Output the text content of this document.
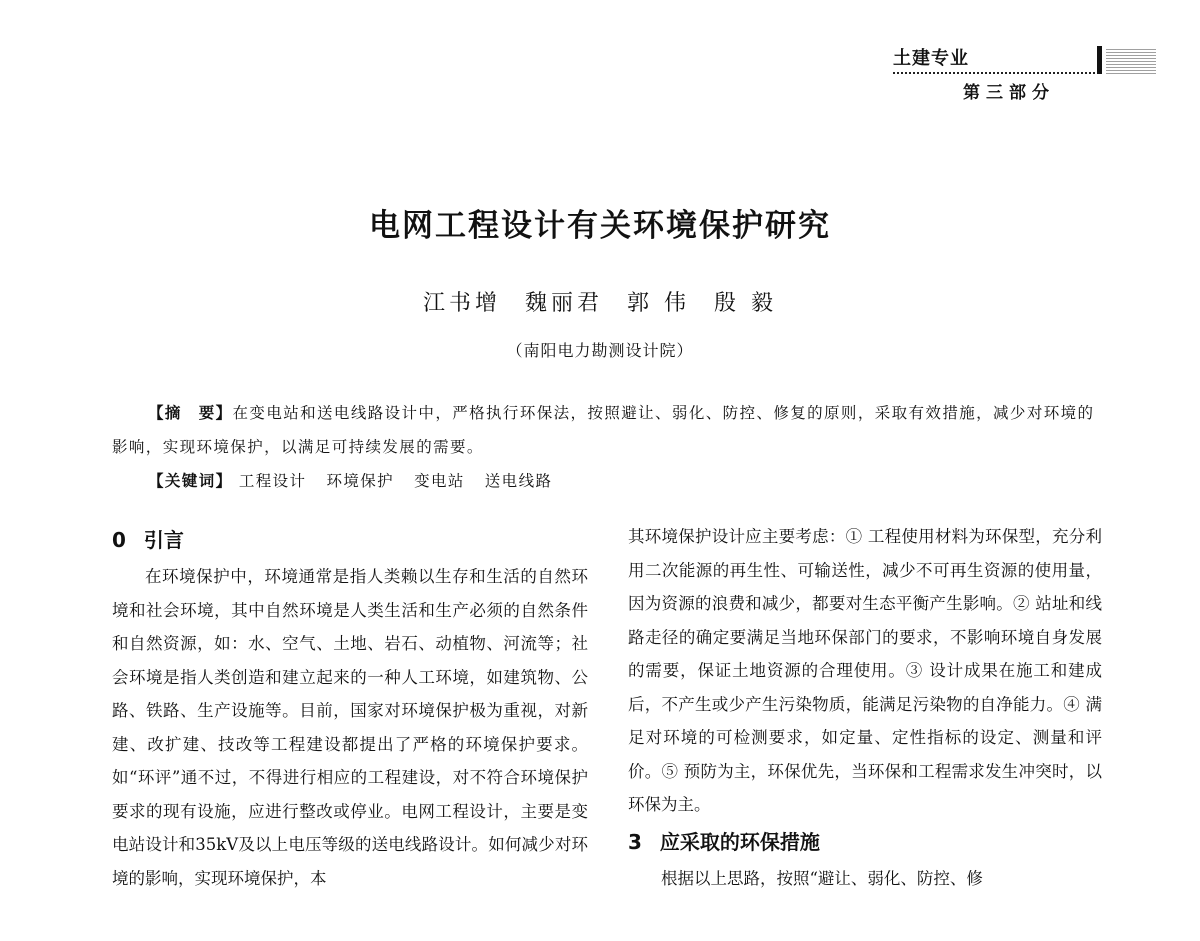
土建专业
第三部分
电网工程设计有关环境保护研究
江书增 魏丽君 郭 伟 殷 毅
（南阳电力勘测设计院）

【摘　要】在变电站和送电线路设计中，严格执行环保法，按照避让、弱化、防控、修复的原则，采取有效措施，减少对环境的影响，实现环境保护，以满足可持续发展的需要。

【关键词】 工程设计 环境保护 变电站 送电线路

0 引言

在环境保护中，环境通常是指人类赖以生存和生活的自然环境和社会环境，其中自然环境是人类生活和生产必须的自然条件和自然资源，如：水、空气、土地、岩石、动植物、河流等；社会环境是指人类创造和建立起来的一种人工环境，如建筑物、公路、铁路、生产设施等。目前，国家对环境保护极为重视，对新建、改扩建、技改等工程建设都提出了严格的环境保护要求。如“环评”通不过，不得进行相应的工程建设，对不符合环境保护要求的现有设施，应进行整改或停业。电网工程设计，主要是变电站设计和35kV及以上电压等级的送电线路设计。如何减少对环境的影响，实现环境保护，本

其环境保护设计应主要考虑：① 工程使用材料为环保型，充分利用二次能源的再生性、可输送性，减少不可再生资源的使用量，因为资源的浪费和减少，都要对生态平衡产生影响。② 站址和线路走径的确定要满足当地环保部门的要求，不影响环境自身发展的需要，保证土地资源的合理使用。③ 设计成果在施工和建成后，不产生或少产生污染物质，能满足污染物的自净能力。④ 满足对环境的可检测要求，如定量、定性指标的设定、测量和评价。⑤ 预防为主，环保优先，当环保和工程需求发生冲突时，以环保为主。

3 应采取的环保措施

根据以上思路，按照“避让、弱化、防控、修
